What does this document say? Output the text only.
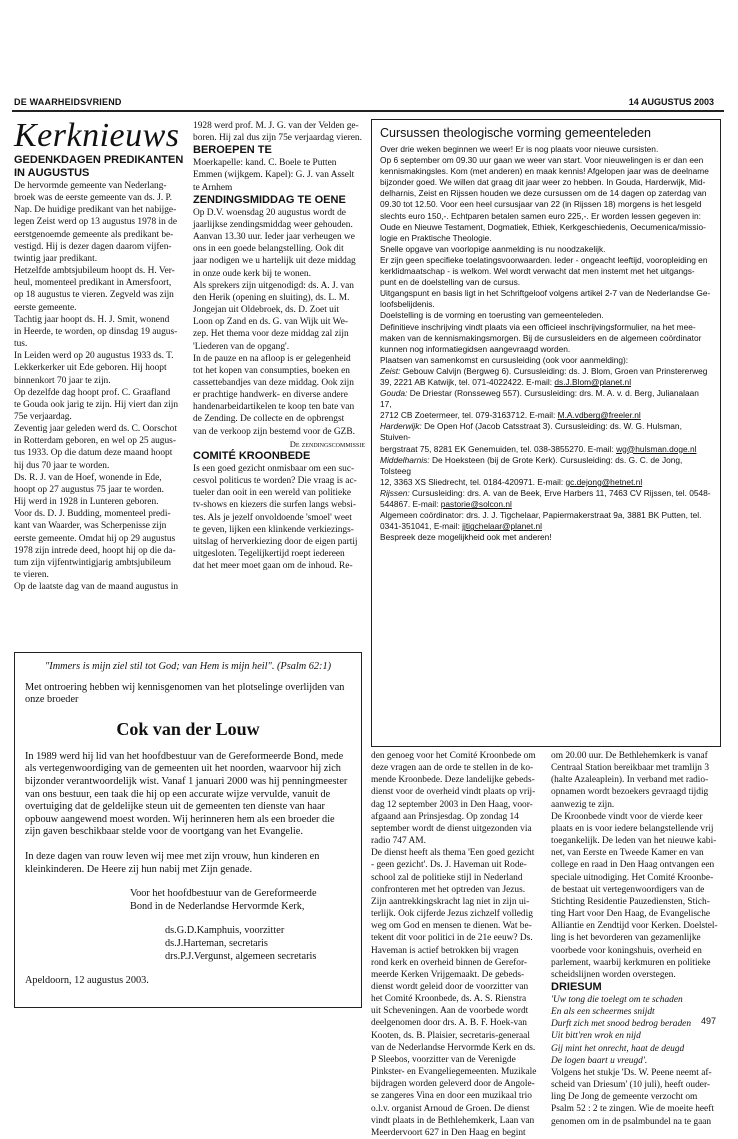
DE WAARHEIDSVRIEND	14 AUGUSTUS 2003

Kerknieuws

GEDENKDAGEN PREDIKANTEN

IN AUGUSTUS

De hervormde gemeente van Nederlang-

broek was de eerste gemeente van ds. J. P.

Nap. De huidige predikant van het nabijge-

legen Zeist werd op 13 augustus 1978 in de

eerstgenoemde gemeente als predikant be-

vestigd. Hij is dezer dagen daarom vijfen-

twintig jaar predikant.

Hetzelfde ambtsjubileum hoopt ds. H. Ver-

heul, momenteel predikant in Amersfoort,

op 18 augustus te vieren. Zegveld was zijn

eerste gemeente.

Tachtig jaar hoopt ds. H. J. Smit, wonend

in Heerde, te worden, op dinsdag 19 augus-

tus.

In Leiden werd op 20 augustus 1933 ds. T.

Lekkerkerker uit Ede geboren. Hij hoopt

binnenkort 70 jaar te zijn.

Op dezelfde dag hoopt prof. C. Graafland

te Gouda ook jarig te zijn. Hij viert dan zijn

75e verjaardag.

Zeventig jaar geleden werd ds. C. Oorschot

in Rotterdam geboren, en wel op 25 augus-

tus 1933. Op die datum deze maand hoopt

hij dus 70 jaar te worden.

Ds. R. J. van de Hoef, wonende in Ede,

hoopt op 27 augustus 75 jaar te worden.

Hij werd in 1928 in Lunteren geboren.

Voor ds. D. J. Budding, momenteel predi-

kant van Waarder, was Scherpenisse zijn

eerste gemeente. Omdat hij op 29 augustus

1978 zijn intrede deed, hoopt hij op die da-

tum zijn vijfentwintigjarig ambtsjubileum

te vieren.

Op de laatste dag van de maand augustus in

1928 werd prof. M. J. G. van der Velden ge-

boren. Hij zal dus zijn 75e verjaardag vieren.

BEROEPEN TE

Moerkapelle: kand. C. Boele te Putten

Emmen (wijkgem. Kapel): G. J. van Asselt

te Arnhem

ZENDINGSMIDDAG TE OENE

Op D.V. woensdag 20 augustus wordt de

jaarlijkse zendingsmiddag weer gehouden.

Aanvan 13.30 uur. Ieder jaar verheugen we

ons in een goede belangstelling. Ook dit

jaar nodigen we u hartelijk uit deze middag

in onze oude kerk bij te wonen.

Als sprekers zijn uitgenodigd: ds. A. J. van

den Herik (opening en sluiting), ds. L. M.

Jongejan uit Oldebroek, ds. D. Zoet uit

Loon op Zand en ds. G. van Wijk uit We-

zep. Het thema voor deze middag zal zijn

'Liederen van de opgang'.

In de pauze en na afloop is er gelegenheid

tot het kopen van consumpties, boeken en

cassettebandjes van deze middag. Ook zijn

er prachtige handwerk- en diverse andere

handenarbeidartikelen te koop ten bate van

de Zending. De collecte en de opbrengst

van de verkoop zijn bestemd voor de GZB.

De zendingscommissie

COMITÉ KROONBEDE

Is een goed gezicht onmisbaar om een suc-

cesvol politicus te worden? Die vraag is ac-

tueler dan ooit in een wereld van politieke

tv-shows en kiezers die surfen langs websi-

tes. Als je jezelf onvoldoende 'smoel' weet

te geven, lijken een klinkende verkiezings-

uitslag of herverkiezing door de eigen partij

uitgesloten. Tegelijkertijd roept iedereen

dat het meer moet gaan om de inhoud. Re-

Cursussen theologische vorming gemeenteleden

Over drie weken beginnen we weer! Er is nog plaats voor nieuwe cursisten.

Op 6 september om 09.30 uur gaan we weer van start. Voor nieuwelingen is er dan een

kennismakingsles. Kom (met anderen) en maak kennis! Afgelopen jaar was de deelname

bijzonder goed. We willen dat graag dit jaar weer zo hebben. In Gouda, Harderwijk, Mid-

delharnis, Zeist en Rijssen houden we deze cursussen om de 14 dagen op zaterdag van

09.30 tot 12.50. Voor een heel cursusjaar van 22 (in Rijssen 18) morgens is het lesgeld

slechts euro 150,-. Echtparen betalen samen euro 225,-. Er worden lessen gegeven in:

Oude en Nieuwe Testament, Dogmatiek, Ethiek, Kerkgeschiedenis, Oecumenica/missio-

logie en Praktische Theologie.

Snelle opgave van voorlopige aanmelding is nu noodzakelijk.

Er zijn geen specifieke toelatingsvoorwaarden. Ieder - ongeacht leeftijd, vooropleiding en

kerklidmaatschap - is welkom. Wel wordt verwacht dat men instemt met het uitgangs-

punt en de doelstelling van de cursus.

Uitgangspunt en basis ligt in het Schriftgeloof volgens artikel 2-7 van de Nederlandse Ge-

loofsbelijdenis.

Doelstelling is de vorming en toerusting van gemeenteleden.

Definitieve inschrijving vindt plaats via een officieel inschrijvingsformulier, na het mee-

maken van de kennismakingsmorgen. Bij de cursusleiders en de algemeen coördinator

kunnen nog informatiegidsen aangevraagd worden.

Plaatsen van samenkomst en cursusleiding (ook voor aanmelding):

Zeist: Gebouw Calvijn (Bergweg 6). Cursusleiding: ds. J. Blom, Groen van Prinstererweg

39, 2221 AB Katwijk, tel. 071-4022422. E-mail: ds.J.Blom@planet.nl

Gouda: De Driestar (Ronsseweg 557). Cursusleiding: drs. M. A. v. d. Berg, Julianalaan 17,

2712 CB Zoetermeer, tel. 079-3163712. E-mail: M.A.vdberg@freeler.nl

Harderwijk: De Open Hof (Jacob Catsstraat 3). Cursusleiding: ds. W. G. Hulsman, Stuiven-

bergstraat 75, 8281 EK Genemuiden, tel. 038-3855270. E-mail: wg@hulsman.doge.nl

Middelharnis: De Hoeksteen (bij de Grote Kerk). Cursusleiding: ds. G. C. de Jong, Tolsteeg

12, 3363 XS Sliedrecht, tel. 0184-420971. E-mail: gc.dejong@hetnet.nl

Rijssen: Cursusleiding: drs. A. van de Beek, Erve Harbers 11, 7463 CV Rijssen, tel. 0548-

544867. E-mail: pastorie@solcon.nl

Algemeen coördinator: drs. J. J. Tigchelaar, Papiermakerstraat 9a, 3881 BK Putten, tel.

0341-351041, E-mail: jjtigchelaar@planet.nl

Bespreek deze mogelijkheid ook met anderen!

"Immers is mijn ziel stil tot God; van Hem is mijn heil". (Psalm 62:1)

Met ontroering hebben wij kennisgenomen van het plotselinge overlijden van onze broeder

Cok van der Louw

In 1989 werd hij lid van het hoofdbestuur van de Gereformeerde Bond, mede als vertegenwoordiging van de gemeenten uit het noorden, waarvoor hij zich bijzonder verantwoordelijk wist. Vanaf 1 januari 2000 was hij penningmeester van ons bestuur, een taak die hij op een accurate wijze vervulde, vanuit de overtuiging dat de geldelijke steun uit de gemeenten ten dienste van haar opbouw aangewend moest worden. Wij herinneren hem als een broeder die zijn gaven beschikbaar stelde voor de voortgang van het Evangelie.

In deze dagen van rouw leven wij mee met zijn vrouw, hun kinderen en kleinkinderen. De Heere zij hun nabij met Zijn genade.

Voor het hoofdbestuur van de Gereformeerde

Bond in de Nederlandse Hervormde Kerk,

ds.G.D.Kamphuis, voorzitter

ds.J.Harteman, secretaris

drs.P.J.Vergunst, algemeen secretaris

Apeldoorn, 12 augustus 2003.

den genoeg voor het Comité Kroonbede om

deze vragen aan de orde te stellen in de ko-

mende Kroonbede. Deze landelijke gebeds-

dienst voor de overheid vindt plaats op vrij-

dag 12 september 2003 in Den Haag, voor-

afgaand aan Prinsjesdag. Op zondag 14

september wordt de dienst uitgezonden via

radio 747 AM.

De dienst heeft als thema 'Een goed gezicht

- geen gezicht'. Ds. J. Haveman uit Rode-

school zal de politieke stijl in Nederland

confronteren met het optreden van Jezus.

Zijn aantrekkingskracht lag niet in zijn ui-

terlijk. Ook cijferde Jezus zichzelf volledig

weg om God en mensen te dienen. Wat be-

tekent dit voor politici in de 21e eeuw? Ds.

Haveman is actief betrokken bij vragen

rond kerk en overheid binnen de Gerefor-

meerde Kerken Vrijgemaakt. De gebeds-

dienst wordt geleid door de voorzitter van

het Comité Kroonbede, ds. A. S. Rienstra

uit Scheveningen. Aan de voorbede wordt

deelgenomen door drs. A. B. F. Hoek-van

Kooten, ds. B. Plaisier, secretaris-generaal

van de Nederlandse Hervormde Kerk en ds.

P Sleebos, voorzitter van de Verenigde

Pinkster- en Evangeliegemeenten. Muzikale

bijdragen worden geleverd door de Angole-

se zangeres Vina en door een muzikaal trio

o.l.v. organist Arnoud de Groen. De dienst

vindt plaats in de Bethlehemkerk, Laan van

Meerdervoort 627 in Den Haag en begint

om 20.00 uur. De Bethlehemkerk is vanaf

Centraal Station bereikbaar met tramlijn 3

(halte Azaleaplein). In verband met radio-

opnamen wordt bezoekers gevraagd tijdig

aanwezig te zijn.

De Kroonbede vindt voor de vierde keer

plaats en is voor iedere belangstellende vrij

toegankelijk. De leden van het nieuwe kabi-

net, van Eerste en Tweede Kamer en van

college en raad in Den Haag ontvangen een

speciale uitnodiging. Het Comité Kroonbe-

de bestaat uit vertegenwoordigers van de

Stichting Residentie Pauzediensten, Stich-

ting Hart voor Den Haag, de Evangelische

Alliantie en Zendtijd voor Kerken. Doelstel-

ling is het bevorderen van gezamenlijke

voorbede voor koningshuis, overheid en

parlement, waarbij kerkmuren en politieke

scheidslijnen worden overstegen.

DRIESUM

'Uw tong die toelegt om te schaden

En als een scheermes snijdt

Durft zich met snood bedrog beraden

Uit bitt'ren wrok en nijd

Gij mint het onrecht, haat de deugd

De logen baart u vreugd'.

Volgens het stukje 'Ds. W. Peene neemt af-

scheid van Driesum' (10 juli), heeft ouder-

ling De Jong de gemeente verzocht om

Psalm 52 : 2 te zingen. Wie de moeite heeft

genomen om in de psalmbundel na te gaan

497
